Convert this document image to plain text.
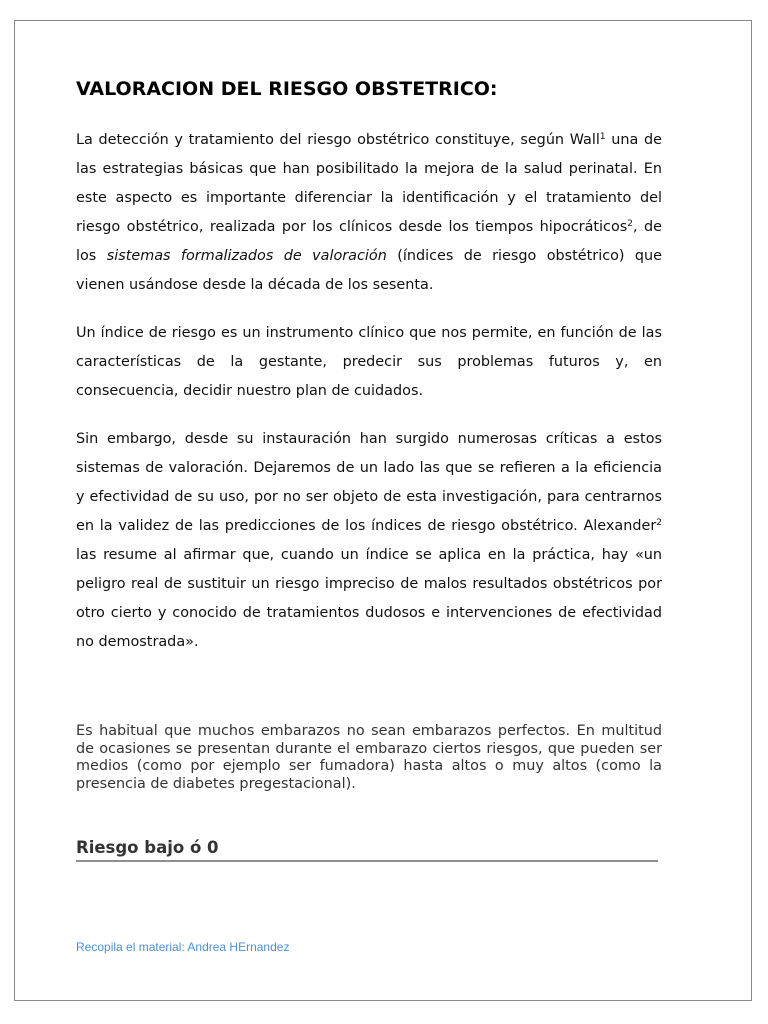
VALORACION DEL RIESGO OBSTETRICO:

La detección y tratamiento del riesgo obstétrico constituye, según Wall$^1$ una de las estrategias básicas que han posibilitado la mejora de la salud perinatal. En este aspecto es importante diferenciar la identificación y el tratamiento del riesgo obstétrico, realizada por los clínicos desde los tiempos hipocráticos$^2$, de los sistemas formalizados de valoración (índices de riesgo obstétrico) que vienen usándose desde la década de los sesenta.

Un índice de riesgo es un instrumento clínico que nos permite, en función de las características de la gestante, predecir sus problemas futuros y, en consecuencia, decidir nuestro plan de cuidados.

Sin embargo, desde su instauración han surgido numerosas críticas a estos sistemas de valoración. Dejaremos de un lado las que se refieren a la eficiencia y efectividad de su uso, por no ser objeto de esta investigación, para centrarnos en la validez de las predicciones de los índices de riesgo obstétrico. Alexander$^2$ las resume al afirmar que, cuando un índice se aplica en la práctica, hay «un peligro real de sustituir un riesgo impreciso de malos resultados obstétricos por otro cierto y conocido de tratamientos dudosos e intervenciones de efectividad no demostrada».

Es habitual que muchos embarazos no sean embarazos perfectos. En multitud de ocasiones se presentan durante el embarazo ciertos riesgos, que pueden ser medios (como por ejemplo ser fumadora) hasta altos o muy altos (como la presencia de diabetes pregestacional).

Riesgo bajo ó 0
Recopila el material: Andrea HErnandez
